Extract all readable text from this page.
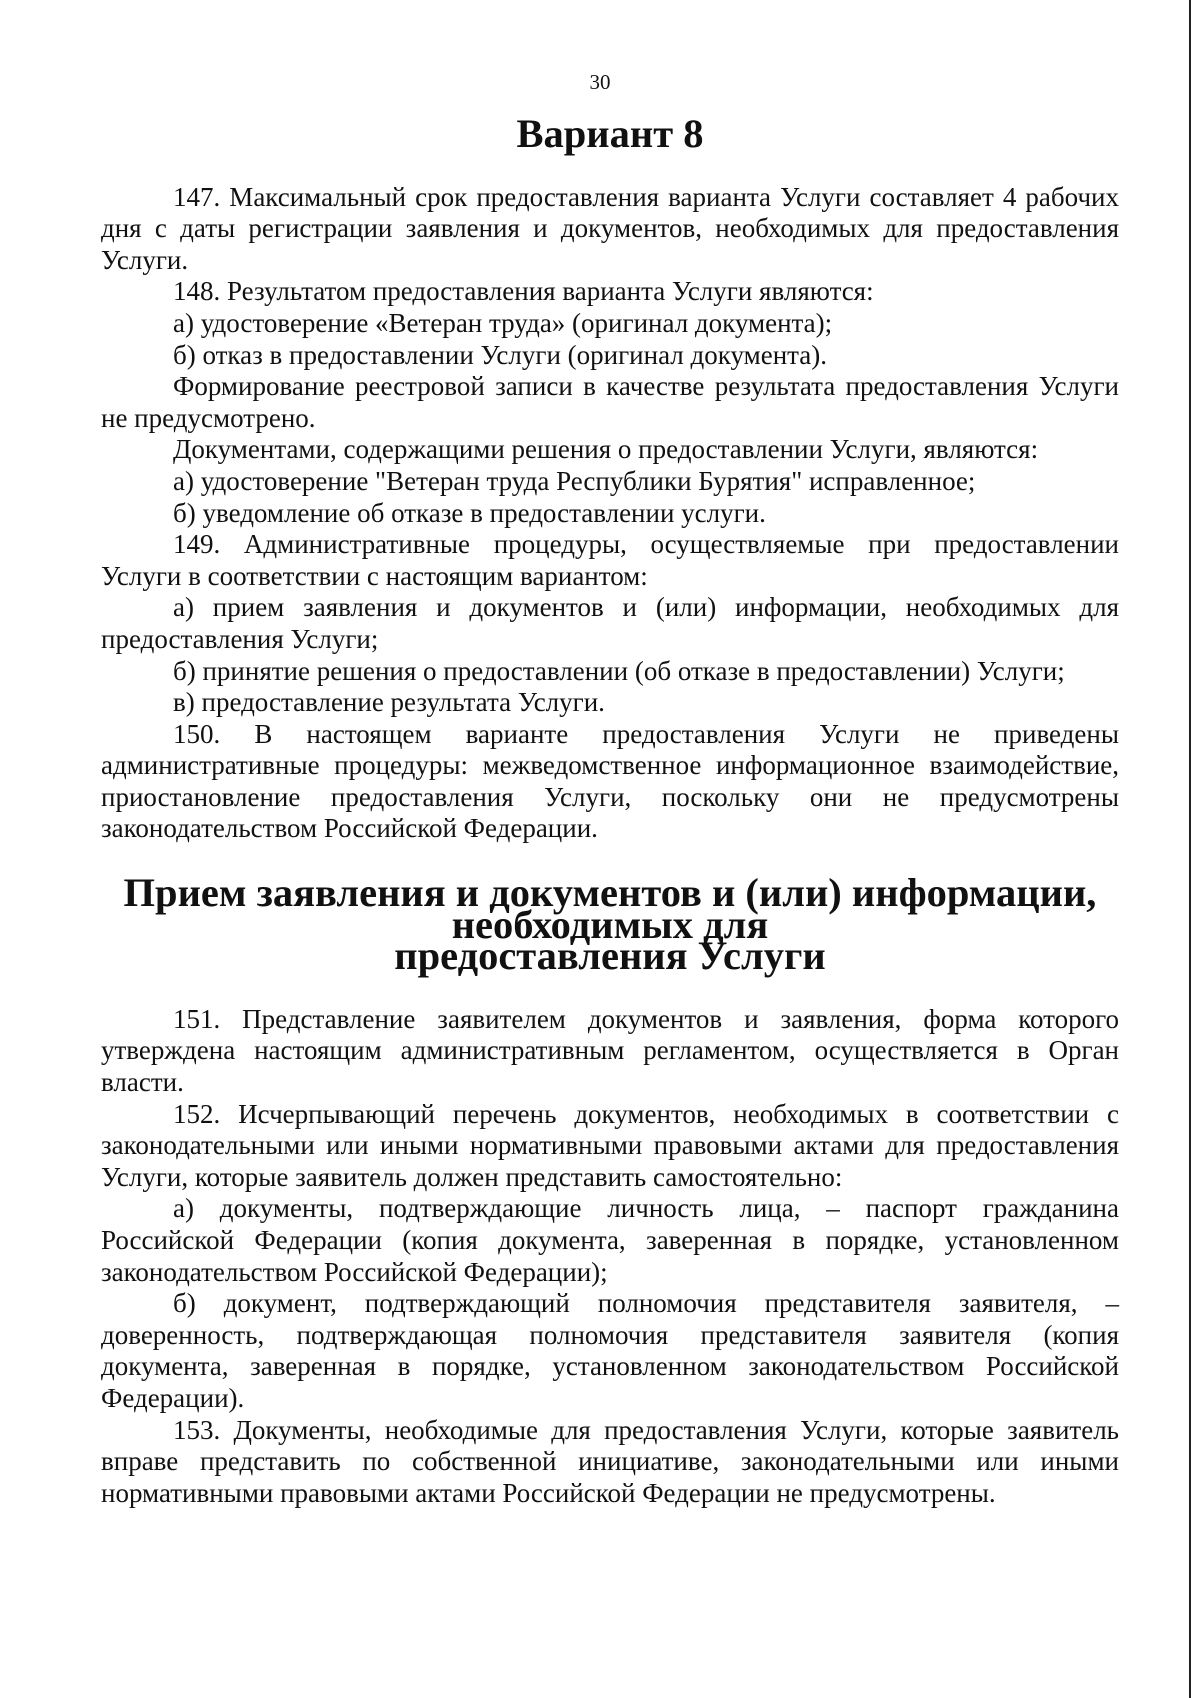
30
Вариант 8

147. Максимальный срок предоставления варианта Услуги составляет 4 рабочих дня с даты регистрации заявления и документов, необходимых для предоставления Услуги.

148. Результатом предоставления варианта Услуги являются:

а) удостоверение «Ветеран труда» (оригинал документа);

б) отказ в предоставлении Услуги (оригинал документа).

Формирование реестровой записи в качестве результата предоставления Услуги не предусмотрено.

Документами, содержащими решения о предоставлении Услуги, являются:

а) удостоверение "Ветеран труда Республики Бурятия" исправленное;

б) уведомление об отказе в предоставлении услуги.

149. Административные процедуры, осуществляемые при предоставлении Услуги в соответствии с настоящим вариантом:

а) прием заявления и документов и (или) информации, необходимых для предоставления Услуги;

б) принятие решения о предоставлении (об отказе в предоставлении) Услуги;

в) предоставление результата Услуги.

150. В настоящем варианте предоставления Услуги не приведены административные процедуры: межведомственное информационное взаимодействие, приостановление предоставления Услуги, поскольку они не предусмотрены законодательством Российской Федерации.

Прием заявления и документов и (или) информации, необходимых для
предоставления Услуги

151. Представление заявителем документов и заявления, форма которого утверждена настоящим административным регламентом, осуществляется в Орган власти.

152. Исчерпывающий перечень документов, необходимых в соответствии с законодательными или иными нормативными правовыми актами для предоставления Услуги, которые заявитель должен представить самостоятельно:

а) документы, подтверждающие личность лица, – паспорт гражданина Российской Федерации (копия документа, заверенная в порядке, установленном законодательством Российской Федерации);

б) документ, подтверждающий полномочия представителя заявителя, – доверенность, подтверждающая полномочия представителя заявителя (копия документа, заверенная в порядке, установленном законодательством Российской Федерации).

153. Документы, необходимые для предоставления Услуги, которые заявитель вправе представить по собственной инициативе, законодательными или иными нормативными правовыми актами Российской Федерации не предусмотрены.
